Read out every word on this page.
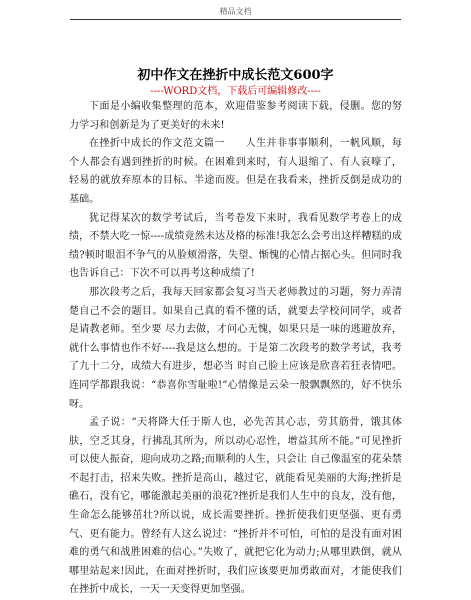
精品文档
初中作文在挫折中成长范文600字
----WORD文档，下载后可编辑修改----

下面是小编收集整理的范本，欢迎借鉴参考阅读下载，侵删。您的努力学习和创新是为了更美好的未来!

在挫折中成长的作文范文篇一　　人生并非事事顺利，一帆风顺，每个人都会有遇到挫折的时候。在困难到来时，有人退缩了、有人哀嚎了，轻易的就放弃原本的目标、半途而废。但是在我看来，挫折反倒是成功的基础。

犹记得某次的数学考试后，当考卷发下来时，我看见数学考卷上的成绩，不禁大吃一惊----成绩竟然未达及格的标准!我怎么会考出这样糟糕的成绩?顿时眼泪不争气的从脸颊滑落，失望、惭愧的心情占据心头。但同时我也告诉自己：下次不可以再考这种成绩了!

那次段考之后，我每天回家都会复习当天老师教过的习题，努力弄清楚自己不会的题目。如果自己真的看不懂的话，就要去学校问同学，或者是请教老师。至少要 尽力去做，才问心无愧，如果只是一味的逃避放弃，就什么事情也作不好----我是这么想的。于是第二次段考的数学考试，我考了九十二分，成绩大有进步，想必当 时自己脸上应该是欣喜若狂表情吧。连同学都跟我说：“恭喜你雪耻啦!”心情像是云朵一般飘飘然的，好不快乐呀。

孟子说：“天将降大任于斯人也，必先苦其心志，劳其筋骨，饿其体肤，空乏其身，行拂乱其所为，所以动心忍性，增益其所不能。”可见挫折可以使人振奋，迎向成功之路;而顺利的人生，只会让 自己像温室的花朵禁不起打击，招来失败。挫折是高山，越过它，就能看见美丽的大海;挫折是礁石，没有它，哪能激起美丽的浪花?挫折是我们人生中的良友，没有他，生命怎么能够茁壮?所以说，成长需要挫折。挫折使我们更坚强、更有勇气、更有能力。曾经有人这么说过：“挫折并不可怕，可怕的是没有面对困难的勇气和战胜困难的信心。”失败了，就把它化为动力;从哪里跌倒，就从哪里站起来!因此，在面对挫折时，我们应该要更加勇敢面对，才能使我们在挫折中成长，一天一天变得更加坚强。
